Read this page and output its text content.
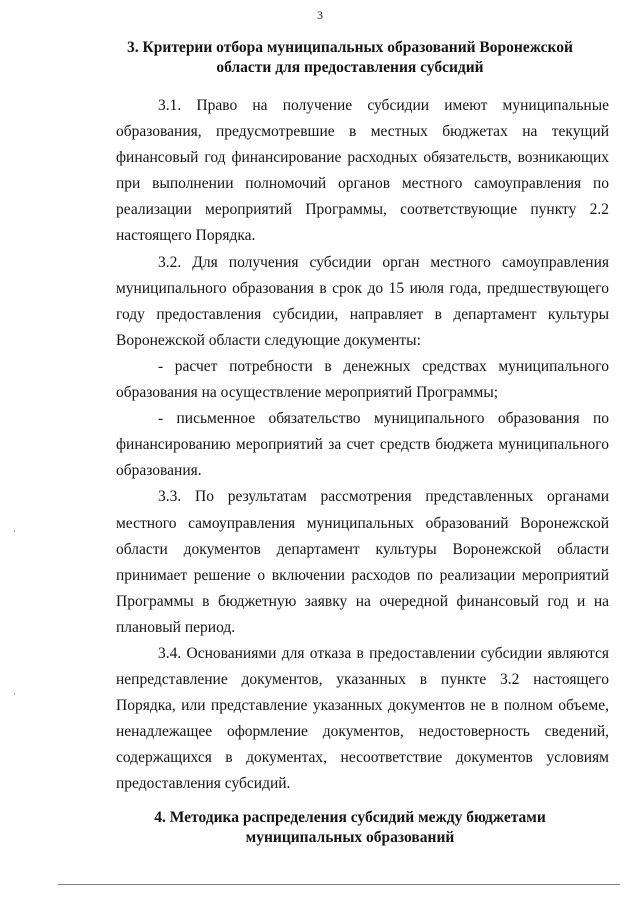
3
3. Критерии отбора муниципальных образований Воронежской
области для предоставления субсидий

3.1. Право на получение субсидии имеют муниципальные образования, предусмотревшие в местных бюджетах на текущий финансовый год финансирование расходных обязательств, возникающих при выполнении полномочий органов местного самоуправления по реализации мероприятий Программы, соответствующие пункту 2.2 настоящего Порядка.

3.2. Для получения субсидии орган местного самоуправления муниципального образования в срок до 15 июля года, предшествующего году предоставления субсидии, направляет в департамент культуры Воронежской области следующие документы:

- расчет потребности в денежных средствах муниципального образования на осуществление мероприятий Программы;

- письменное обязательство муниципального образования по финансированию мероприятий за счет средств бюджета муниципального образования.

3.3. По результатам рассмотрения представленных органами местного самоуправления муниципальных образований Воронежской области документов департамент культуры Воронежской области принимает решение о включении расходов по реализации мероприятий Программы в бюджетную заявку на очередной финансовый год и на плановый период.

3.4. Основаниями для отказа в предоставлении субсидии являются непредставление документов, указанных в пункте 3.2 настоящего Порядка, или представление указанных документов не в полном объеме, ненадлежащее оформление документов, недостоверность сведений, содержащихся в документах, несоответствие документов условиям предоставления субсидий.

4. Методика распределения субсидий между бюджетами
муниципальных образований
